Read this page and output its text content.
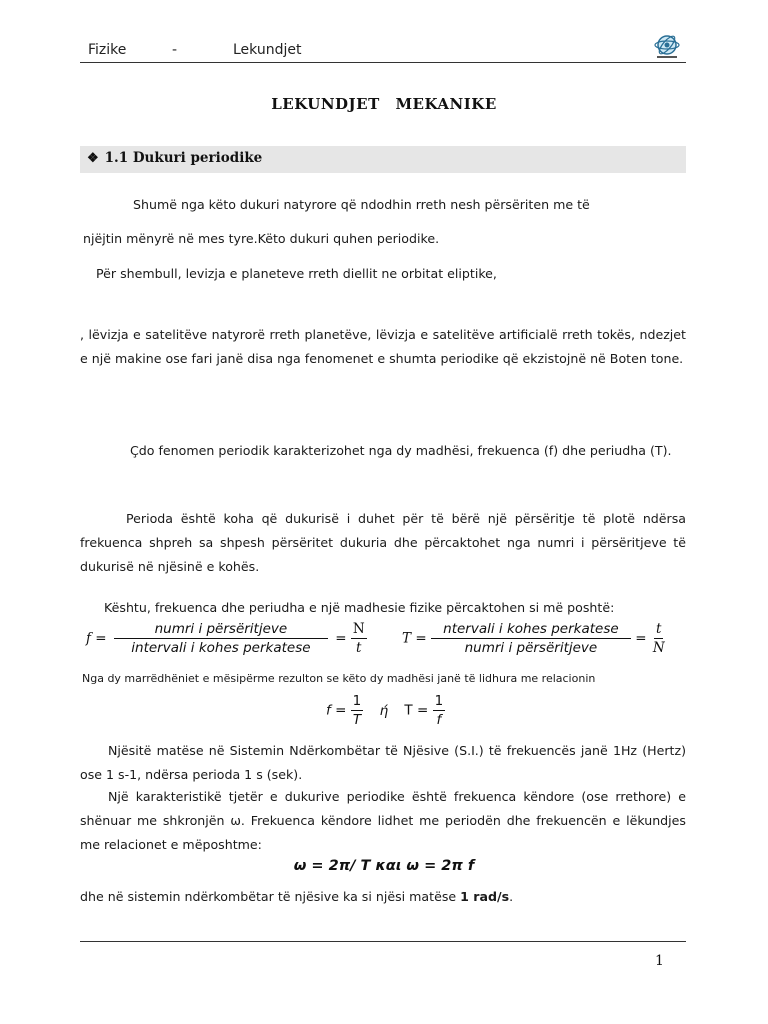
Fizike	-	Lekundjet
LEKUNDJET MEKANIKE
❖ 1.1 Dukuri periodike
Shumë nga këto dukuri natyrore që ndodhin rreth nesh përsëriten me të
njëjtin mënyrë në mes tyre.Këto dukuri quhen periodike.
Për shembull, levizja e planeteve rreth diellit ne orbitat eliptike,
, lëvizja e satelitëve natyrorë rreth planetëve, lëvizja e satelitëve artificialë rreth tokës, ndezjet e një makine ose fari janë disa nga fenomenet e shumta periodike që ekzistojnë në Boten tone.
Çdo fenomen periodik karakterizohet nga dy madhësi, frekuenca (f) dhe periudha (T).
Perioda është koha që dukurisë i duhet për të bërë një përsëritje të plotë ndërsa frekuenca shpreh sa shpesh përsëritet dukuria dhe përcaktohet nga numri i përsëritjeve të dukurisë në njësinë e kohës.
Kështu, frekuenca dhe periudha e një madhesie fizike përcaktohen si më poshtë:
$f = \frac{\text{numri i përsëritjeve}}{\text{intervali i kohes perkatese}} = \frac{N}{t}$	$T = \frac{\text{ntervali i kohes perkatese}}{\text{numri i përsëritjeve}} = \frac{t}{N}$
Nga dy marrëdhëniet e mësipërme rezulton se këto dy madhësi janë të lidhura me relacionin
$f = \frac{1}{T}$ ή $T = \frac{1}{f}$
Njësitë matëse në Sistemin Ndërkombëtar të Njësive (S.I.) të frekuencës janë 1Hz (Hertz) ose 1 s-1, ndërsa perioda 1 s (sek).
Një karakteristikë tjetër e dukurive periodike është frekuenca këndore (ose rrethore) e shënuar me shkronjën ω. Frekuenca këndore lidhet me periodën dhe frekuencën e lëkundjes me relacionet e mëposhtme:
ω = 2π/ T και ω = 2π f
dhe në sistemin ndërkombëtar të njësive ka si njësi matëse 1 rad/s.
1
